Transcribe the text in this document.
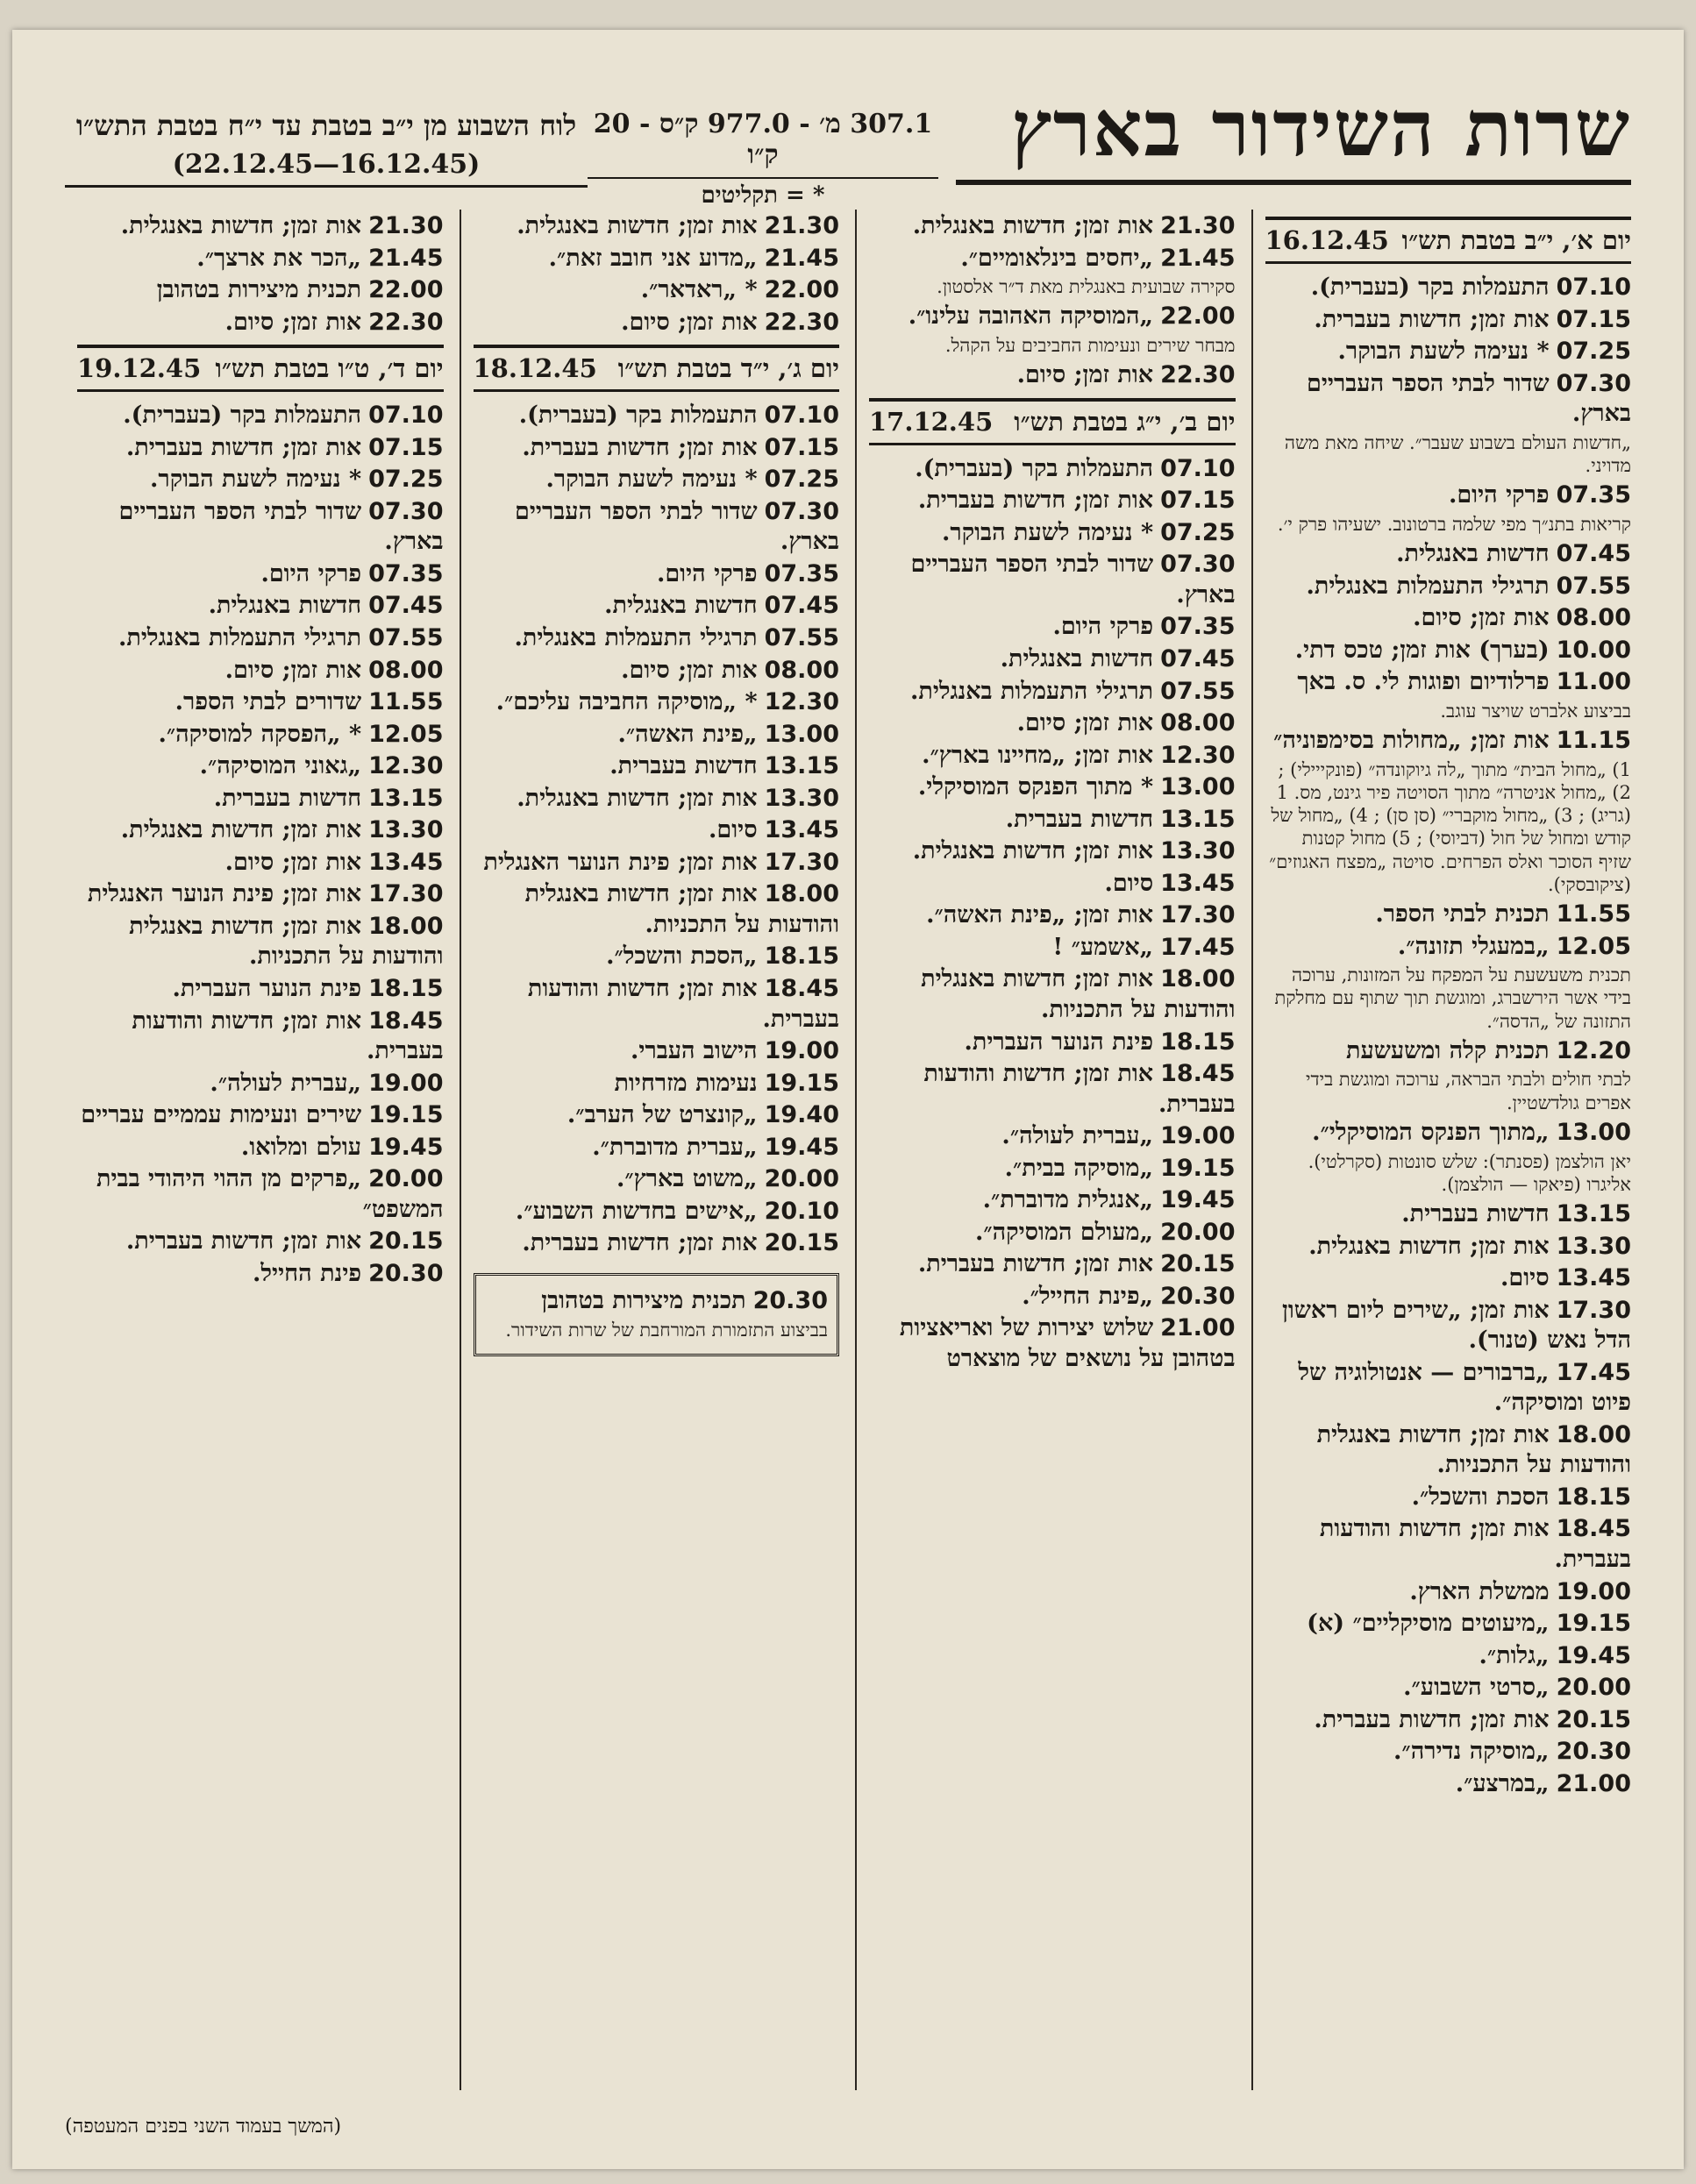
שרות השידור בארץ
307.1 מ׳ - 977.0 ק״ס - 20 ק״ו
* = תקליטים
לוח השבוע מן י״ב בטבת עד י״ח בטבת התש״ו
(16.12.45—22.12.45)
יום א׳, י״ב בטבת תש״ו
16.12.45
07.10התעמלות בקר (בעברית).
07.15אות זמן; חדשות בעברית.
07.25* נעימה לשעת הבוקר.
07.30שדור לבתי הספר העבריים בארץ.
„חדשות העולם בשבוע שעבר״. שיחה מאת משה מדויני.
07.35פרקי היום.
קריאות בתנ״ך מפי שלמה ברטונוב. ישעיהו פרק י׳.
07.45חדשות באנגלית.
07.55תרגילי התעמלות באנגלית.
08.00אות זמן; סיום.
10.00(בערך) אות זמן; טכס דתי.
11.00פרלודיום ופוגות לי. ס. באך
בביצוע אלברט שויצר עוגב.
11.15אות זמן; „מחולות בסימפוניה״
1) „מחול הבית״ מתוך „לה גיוקונדה״ (פונקייילי) ; 2) „מחול אניטרה״ מתוך הסויטה פיר גינט, מס. 1 (גריג) ; 3) „מחול מוקברי״ (סן סן) ; 4) „מחול של קודש ומחול של חול (דביוסי) ; 5) מחול קטנות שזיף הסוכר ואלס הפרחים. סויטה „מפצח האגוזים״ (ציקובסקי).
11.55תכנית לבתי הספר.
12.05„במעגלי תזונה״.
תכנית משעשעת על המפקח על המזונות, ערוכה בידי אשר הירשברג, ומוגשת תוך שתוף עם מחלקת התזונה של „הדסה״.
12.20תכנית קלה ומשעשעת
לבתי חולים ולבתי הבראה, ערוכה ומוגשת בידי אפרים גולדשטיין.
13.00„מתוך הפנקס המוסיקלי״.
יאן הולצמן (פסנתר): שלש סונטות (סקרלטי). אליגרו (פיאקו — הולצמן).
13.15חדשות בעברית.
13.30אות זמן; חדשות באנגלית.
13.45סיום.
17.30אות זמן; „שירים ליום ראשון הדל נאש (טנור).
17.45„ברבורים — אנטולוגיה של פיוט ומוסיקה״.
18.00אות זמן; חדשות באנגלית והודעות על התכניות.
18.15הסכת והשכל״.
18.45אות זמן; חדשות והודעות בעברית.
19.00ממשלת הארץ.
19.15„מיעוטים מוסיקליים״ (א)
19.45„גלות״.
20.00„סרטי השבוע״.
20.15אות זמן; חדשות בעברית.
20.30„מוסיקה נדירה״.
21.00„במרצע״.
21.30אות זמן; חדשות באנגלית.
21.45„יחסים בינלאומיים״.
סקירה שבועית באנגלית מאת ד״ר אלסטון.
22.00„המוסיקה האהובה עלינו״.
מבחר שירים ונעימות החביבים על הקהל.
22.30אות זמן; סיום.
יום ב׳, י״ג בטבת תש״ו
17.12.45
07.10התעמלות בקר (בעברית).
07.15אות זמן; חדשות בעברית.
07.25* נעימה לשעת הבוקר.
07.30שדור לבתי הספר העבריים בארץ.
07.35פרקי היום.
07.45חדשות באנגלית.
07.55תרגילי התעמלות באנגלית.
08.00אות זמן; סיום.
12.30אות זמן; „מחיינו בארץ״.
13.00* מתוך הפנקס המוסיקלי.
13.15חדשות בעברית.
13.30אות זמן; חדשות באנגלית.
13.45סיום.
17.30אות זמן; „פינת האשה״.
17.45„אשמע״ !
18.00אות זמן; חדשות באנגלית והודעות על התכניות.
18.15פינת הנוער העברית.
18.45אות זמן; חדשות והודעות בעברית.
19.00„עברית לעולה״.
19.15„מוסיקה בבית״.
19.45„אנגלית מדוברת״.
20.00„מעולם המוסיקה״.
20.15אות זמן; חדשות בעברית.
20.30„פינת החייל״.
21.00שלוש יצירות של ואריאציות בטהובן על נושאים של מוצארט
21.30אות זמן; חדשות באנגלית.
21.45„מדוע אני חובב זאת״.
22.00* „ראדאר״.
22.30אות זמן; סיום.
יום ג׳, י״ד בטבת תש״ו
18.12.45
07.10התעמלות בקר (בעברית).
07.15אות זמן; חדשות בעברית.
07.25* נעימה לשעת הבוקר.
07.30שדור לבתי הספר העבריים בארץ.
07.35פרקי היום.
07.45חדשות באנגלית.
07.55תרגילי התעמלות באנגלית.
08.00אות זמן; סיום.
12.30* „מוסיקה החביבה עליכם״.
13.00„פינת האשה״.
13.15חדשות בעברית.
13.30אות זמן; חדשות באנגלית.
13.45סיום.
17.30אות זמן; פינת הנוער האנגלית
18.00אות זמן; חדשות באנגלית והודעות על התכניות.
18.15„הסכת והשכל״.
18.45אות זמן; חדשות והודעות בעברית.
19.00הישוב העברי.
19.15נעימות מזרחיות
19.40„קונצרט של הערב״.
19.45„עברית מדוברת״.
20.00„משוט בארץ״.
20.10„אישים בחדשות השבוע״.
20.15אות זמן; חדשות בעברית.
20.30תכנית מיצירות בטהובן
בביצוע התזמורת המורחבת של שרות השידור.
21.30אות זמן; חדשות באנגלית.
21.45„הכר את ארצך״.
22.00תכנית מיצירות בטהובן
22.30אות זמן; סיום.
יום ד׳, ט״ו בטבת תש״ו
19.12.45
07.10התעמלות בקר (בעברית).
07.15אות זמן; חדשות בעברית.
07.25* נעימה לשעת הבוקר.
07.30שדור לבתי הספר העבריים בארץ.
07.35פרקי היום.
07.45חדשות באנגלית.
07.55תרגילי התעמלות באנגלית.
08.00אות זמן; סיום.
11.55שדורים לבתי הספר.
12.05* „הפסקה למוסיקה״.
12.30„גאוני המוסיקה״.
13.15חדשות בעברית.
13.30אות זמן; חדשות באנגלית.
13.45אות זמן; סיום.
17.30אות זמן; פינת הנוער האנגלית
18.00אות זמן; חדשות באנגלית והודעות על התכניות.
18.15פינת הנוער העברית.
18.45אות זמן; חדשות והודעות בעברית.
19.00„עברית לעולה״.
19.15שירים ונעימות עממיים עבריים
19.45עולם ומלואו.
20.00„פרקים מן ההוי היהודי בבית המשפט״
20.15אות זמן; חדשות בעברית.
20.30פינת החייל.
(המשך בעמוד השני בפנים המעטפה)
